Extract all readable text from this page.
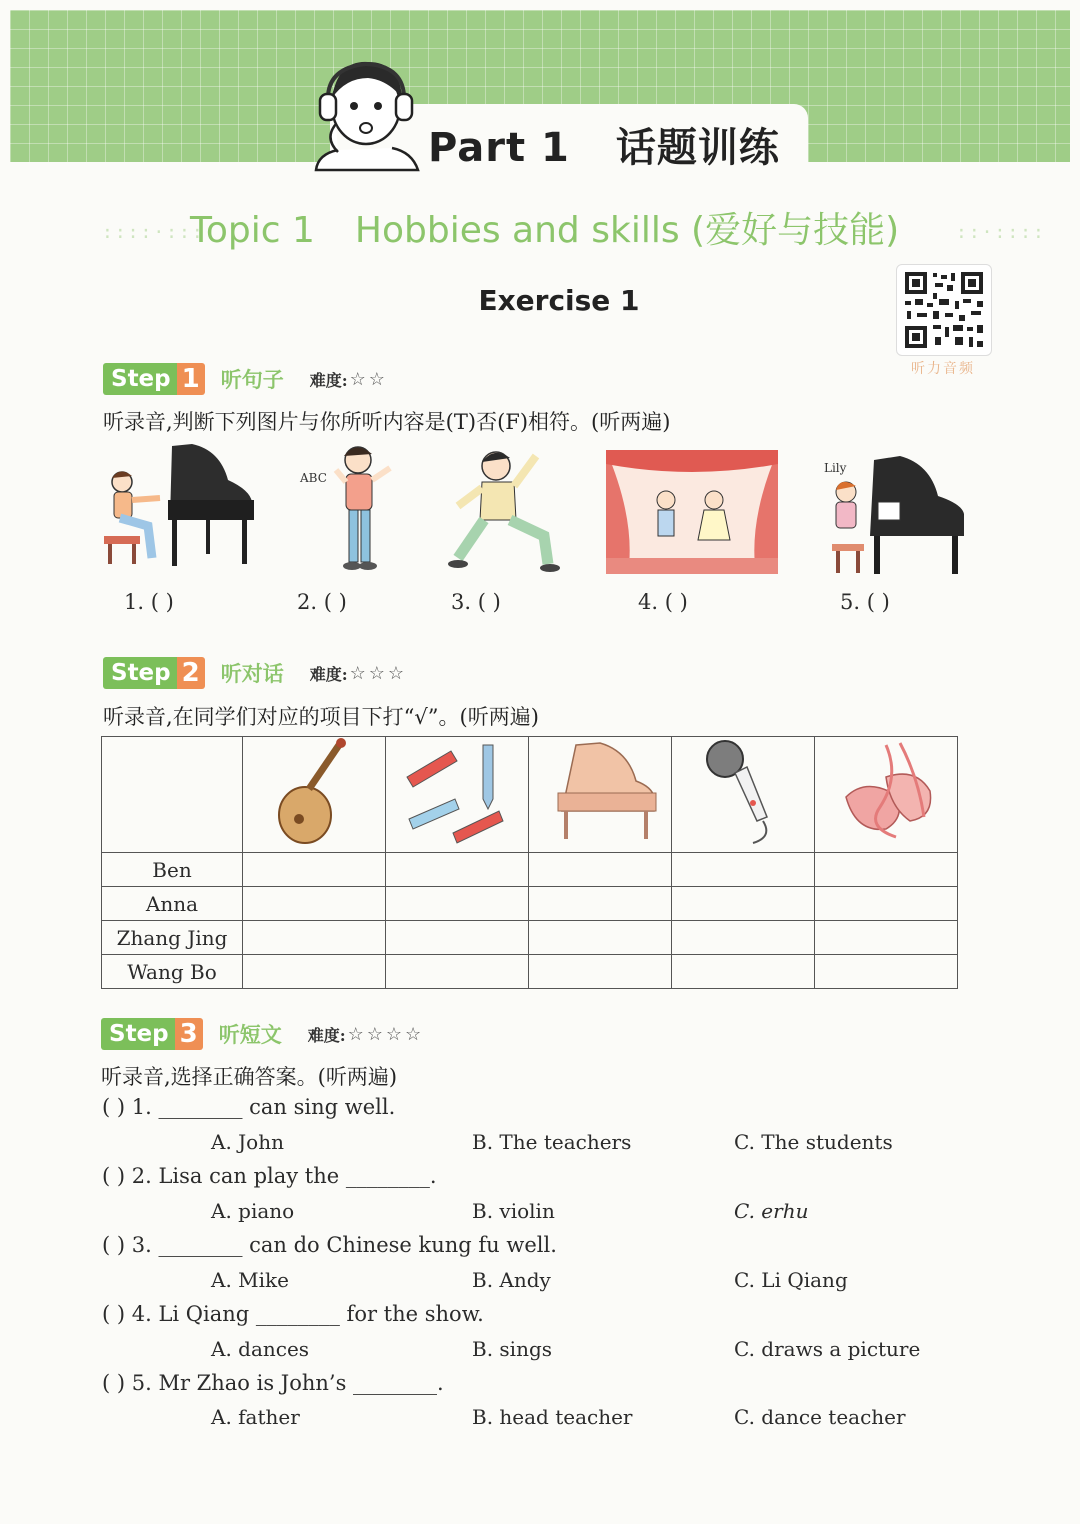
Part 1 话题训练
::::·:::·
Topic 1 Hobbies and skills (爱好与技能)	::·::::
Exercise 1
听力音频
Step 1 听句子 难度: ☆☆
听录音,判断下列图片与你所听内容是(T)否(F)相符。(听两遍)
ABC
Lily
1. ( )	2. ( )	3. ( )	4. ( )	5. ( )
Step 2 听对话 难度: ☆☆☆
听录音,在同学们对应的项目下打“√”。(听两遍)

Ben					
Anna					
Zhang Jing					
Wang Bo					
Step 3 听短文 难度: ☆☆☆☆
听录音,选择正确答案。(听两遍)
( ) 1. ________ can sing well.
A. John	B. The teachers	C. The students
( ) 2. Lisa can play the ________.
A. piano	B. violin	C. erhu
( ) 3. ________ can do Chinese kung fu well.
A. Mike	B. Andy	C. Li Qiang
( ) 4. Li Qiang ________ for the show.
A. dances	B. sings	C. draws a picture
( ) 5. Mr Zhao is John’s ________.
A. father	B. head teacher	C. dance teacher
